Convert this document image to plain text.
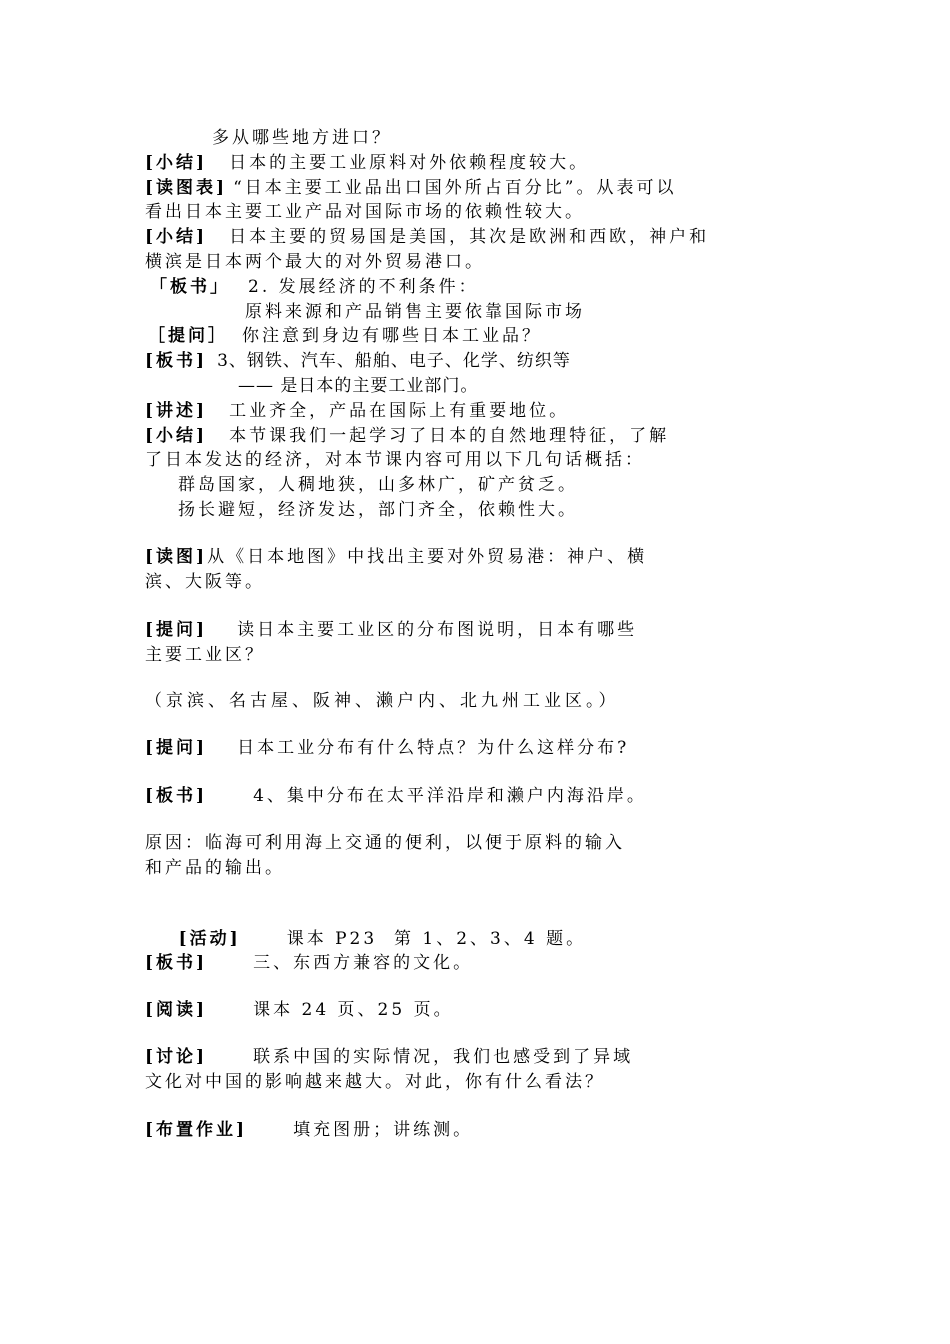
多从哪些地方进口？
[小结] 日本的主要工业原料对外依赖程度较大。
[读图表] “日本主要工业品出口国外所占百分比”。从表可以
看出日本主要工业产品对国际市场的依赖性较大。
[小结] 日本主要的贸易国是美国，其次是欧洲和西欧，神户和
横滨是日本两个最大的对外贸易港口。
「板书」 2. 发展经济的不利条件：
原料来源和产品销售主要依靠国际市场
［提问］ 你注意到身边有哪些日本工业品？
[板书] 3、钢铁、汽车、船舶、电子、化学、纺织等
—— 是日本的主要工业部门。
[讲述] 工业齐全，产品在国际上有重要地位。
[小结] 本节课我们一起学习了日本的自然地理特征，了解
了日本发达的经济，对本节课内容可用以下几句话概括：
群岛国家，人稠地狭，山多林广，矿产贫乏。
扬长避短，经济发达，部门齐全，依赖性大。
[读图]从《日本地图》中找出主要对外贸易港：神户、横
滨、大阪等。
[提问] 读日本主要工业区的分布图说明，日本有哪些
主要工业区？
（京滨、名古屋、阪神、濑户内、北九州工业区。）
[提问] 日本工业分布有什么特点？为什么这样分布?
[板书]	4、集中分布在太平洋沿岸和濑户内海沿岸。
原因：临海可利用海上交通的便利，以便于原料的输入
和产品的输出。

[活动]	课本 P23  第 1、2、3、4 题。

[板书]	三、东西方兼容的文化。
[阅读]	课本 24 页、25 页。
[讨论]	联系中国的实际情况，我们也感受到了异域
文化对中国的影响越来越大。对此，你有什么看法？
[布置作业]	填充图册；讲练测。
